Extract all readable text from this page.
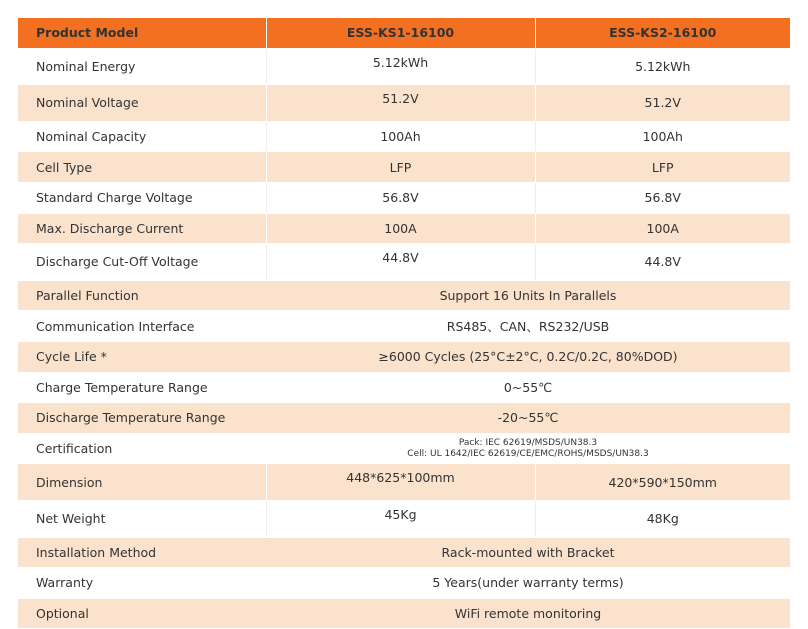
Product Model	ESS-KS1-16100	ESS-KS2-16100
Nominal Energy	5.12kWh	5.12kWh
Nominal Voltage	51.2V	51.2V
Nominal Capacity	100Ah	100Ah
Cell Type	LFP	LFP
Standard Charge Voltage	56.8V	56.8V
Max. Discharge Current	100A	100A
Discharge Cut-Off Voltage	44.8V	44.8V
Parallel Function	Support 16 Units In Parallels	
Communication Interface	RS485、CAN、RS232/USB	
Cycle Life *	≥6000 Cycles (25°C±2°C, 0.2C/0.2C, 80%DOD)	
Charge Temperature Range	0~55℃	
Discharge Temperature Range	-20~55℃	
Certification	Pack: IEC 62619/MSDS/UN38.3
Cell: UL 1642/IEC 62619/CE/EMC/ROHS/MSDS/UN38.3	

Dimension	448*625*100mm	420*590*150mm
Net Weight	45Kg	48Kg
Installation Method	Rack-mounted with Bracket	
Warranty	5 Years(under warranty terms)	
Optional	WiFi remote monitoring	
